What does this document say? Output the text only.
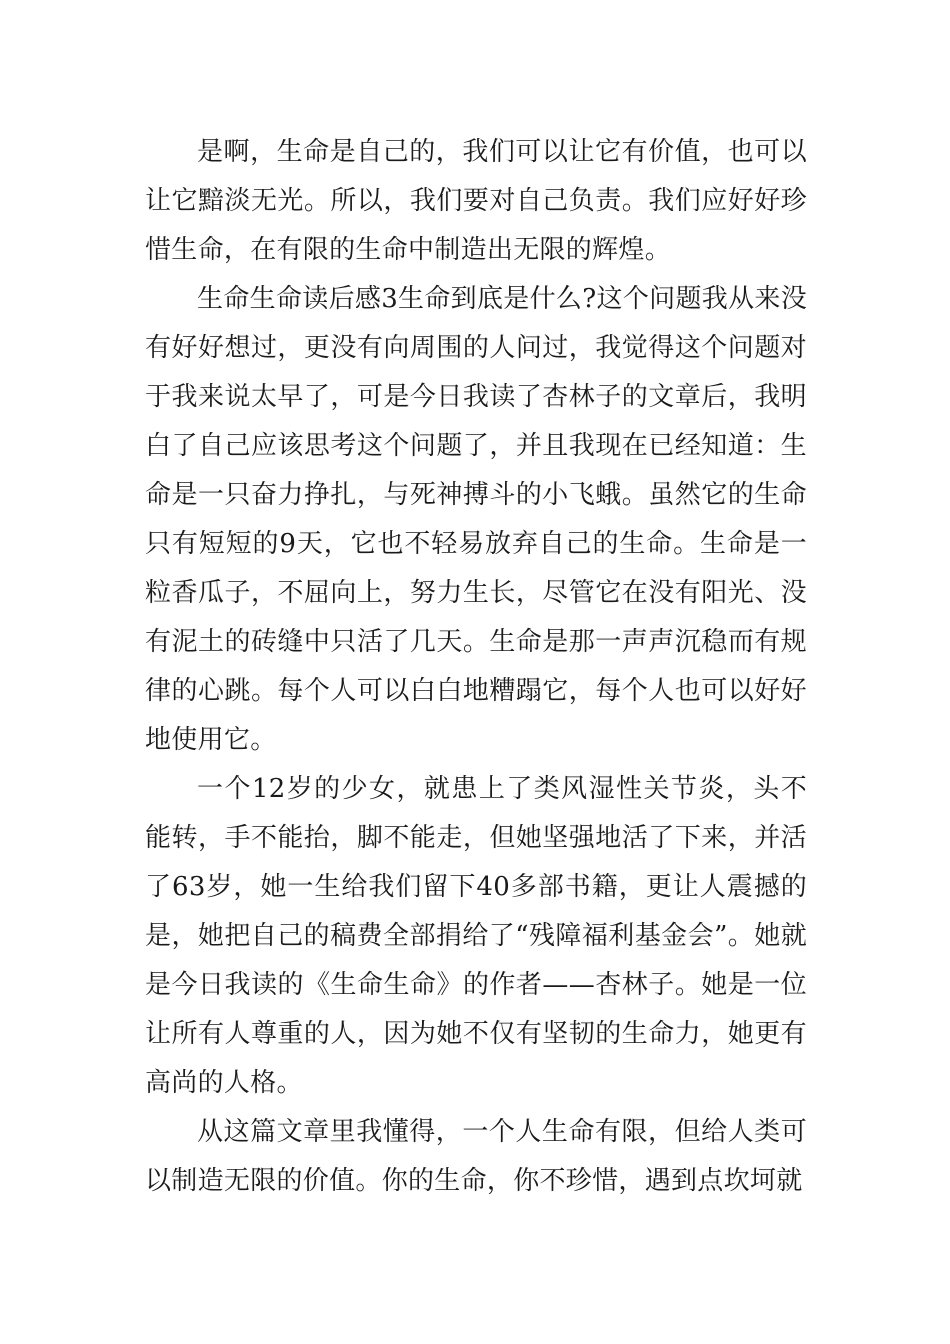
是啊，生命是自己的，我们可以让它有价值，也可以让它黯淡无光。所以，我们要对自己负责。我们应好好珍惜生命，在有限的生命中制造出无限的辉煌。

生命生命读后感3生命到底是什么?这个问题我从来没有好好想过，更没有向周围的人问过，我觉得这个问题对于我来说太早了，可是今日我读了杏林子的文章后，我明白了自己应该思考这个问题了，并且我现在已经知道：生命是一只奋力挣扎，与死神搏斗的小飞蛾。虽然它的生命只有短短的9天，它也不轻易放弃自己的生命。生命是一粒香瓜子，不屈向上，努力生长，尽管它在没有阳光、没有泥土的砖缝中只活了几天。生命是那一声声沉稳而有规律的心跳。每个人可以白白地糟蹋它，每个人也可以好好地使用它。

一个12岁的少女，就患上了类风湿性关节炎，头不能转，手不能抬，脚不能走，但她坚强地活了下来，并活了63岁，她一生给我们留下40多部书籍，更让人震撼的是，她把自己的稿费全部捐给了“残障福利基金会”。她就是今日我读的《生命生命》的作者——杏林子。她是一位让所有人尊重的人，因为她不仅有坚韧的生命力，她更有高尚的人格。

从这篇文章里我懂得，一个人生命有限，但给人类可以制造无限的价值。你的生命，你不珍惜，遇到点坎坷就
